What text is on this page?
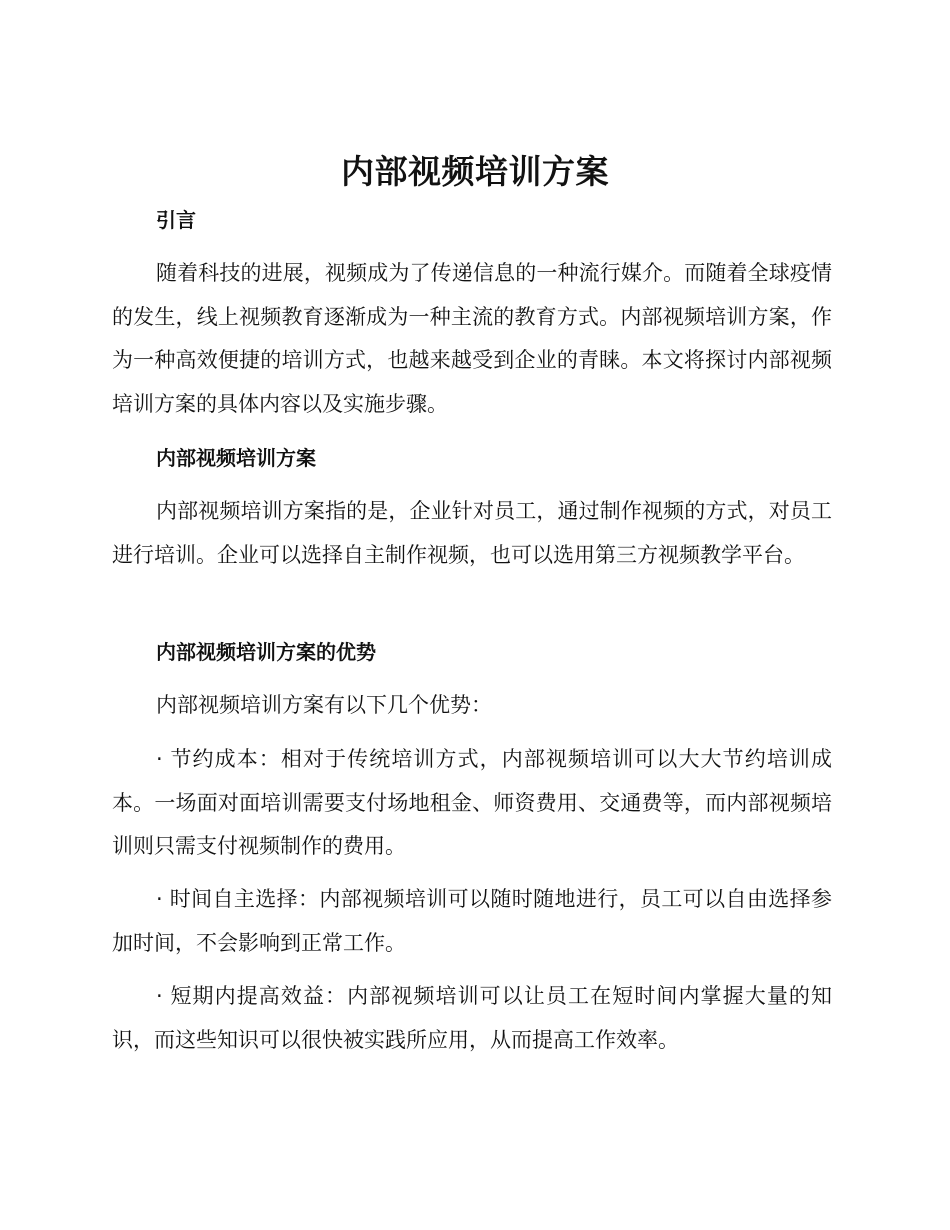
内部视频培训方案
引言

随着科技的进展，视频成为了传递信息的一种流行媒介。而随着全球疫情的发生，线上视频教育逐渐成为一种主流的教育方式。内部视频培训方案，作为一种高效便捷的培训方式，也越来越受到企业的青睐。本文将探讨内部视频培训方案的具体内容以及实施步骤。

内部视频培训方案

内部视频培训方案指的是，企业针对员工，通过制作视频的方式，对员工进行培训。企业可以选择自主制作视频，也可以选用第三方视频教学平台。

内部视频培训方案的优势

内部视频培训方案有以下几个优势：

· 节约成本：相对于传统培训方式，内部视频培训可以大大节约培训成本。一场面对面培训需要支付场地租金、师资费用、交通费等，而内部视频培训则只需支付视频制作的费用。

· 时间自主选择：内部视频培训可以随时随地进行，员工可以自由选择参加时间，不会影响到正常工作。

· 短期内提高效益：内部视频培训可以让员工在短时间内掌握大量的知识，而这些知识可以很快被实践所应用，从而提高工作效率。
